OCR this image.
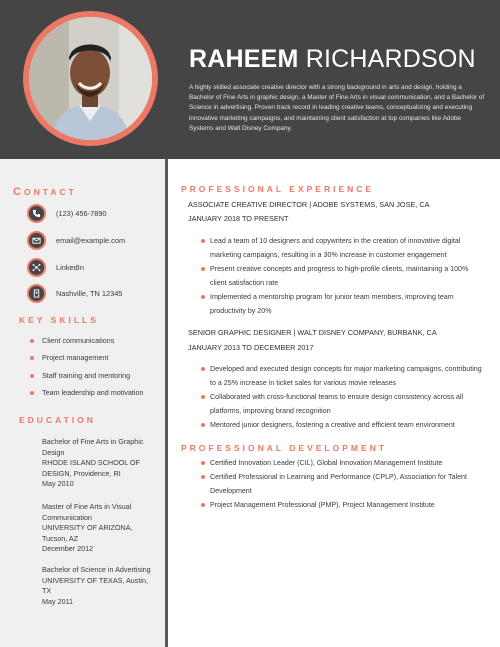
RAHEEM RICHARDSON

A highly skilled associate creative director with a strong background in arts and design, holding a Bachelor of Fine Arts in graphic design, a Master of Fine Arts in visual communication, and a Bachelor of Science in advertising. Proven track record in leading creative teams, conceptualizing and executing innovative marketing campaigns, and maintaining client satisfaction at top companies like Adobe Systems and Walt Disney Company.

CONTACT
(123) 456-7890
email@example.com
LinkedIn
Nashville, TN 12345
KEY SKILLS
Client communications
Project management
Staff training and mentoring
Team leadership and motivation
EDUCATION
Bachelor of Fine Arts in Graphic Design
RHODE ISLAND SCHOOL OF DESIGN, Providence, RI
May 2010
Master of Fine Arts in Visual Communication
UNIVERSITY OF ARIZONA, Tucson, AZ
December 2012
Bachelor of Science in Advertising
UNIVERSITY OF TEXAS, Austin, TX
May 2011
PROFESSIONAL EXPERIENCE
ASSOCIATE CREATIVE DIRECTOR | ADOBE SYSTEMS, SAN JOSE, CA
JANUARY 2018 TO PRESENT
Lead a team of 10 designers and copywriters in the creation of innovative digital marketing campaigns, resulting in a 30% increase in customer engagement
Present creative concepts and progress to high-profile clients, maintaining a 100% client satisfaction rate
Implemented a mentorship program for junior team members, improving team productivity by 20%
SENIOR GRAPHIC DESIGNER | WALT DISNEY COMPANY, BURBANK, CA
JANUARY 2013 TO DECEMBER 2017
Developed and executed design concepts for major marketing campaigns, contributing to a 25% increase in ticket sales for various movie releases
Collaborated with cross-functional teams to ensure design consistency across all platforms, improving brand recognition
Mentored junior designers, fostering a creative and efficient team environment
PROFESSIONAL DEVELOPMENT
Certified Innovation Leader (CIL), Global Innovation Management Institute
Certified Professional in Learning and Performance (CPLP), Association for Talent Development
Project Management Professional (PMP), Project Management Institute
